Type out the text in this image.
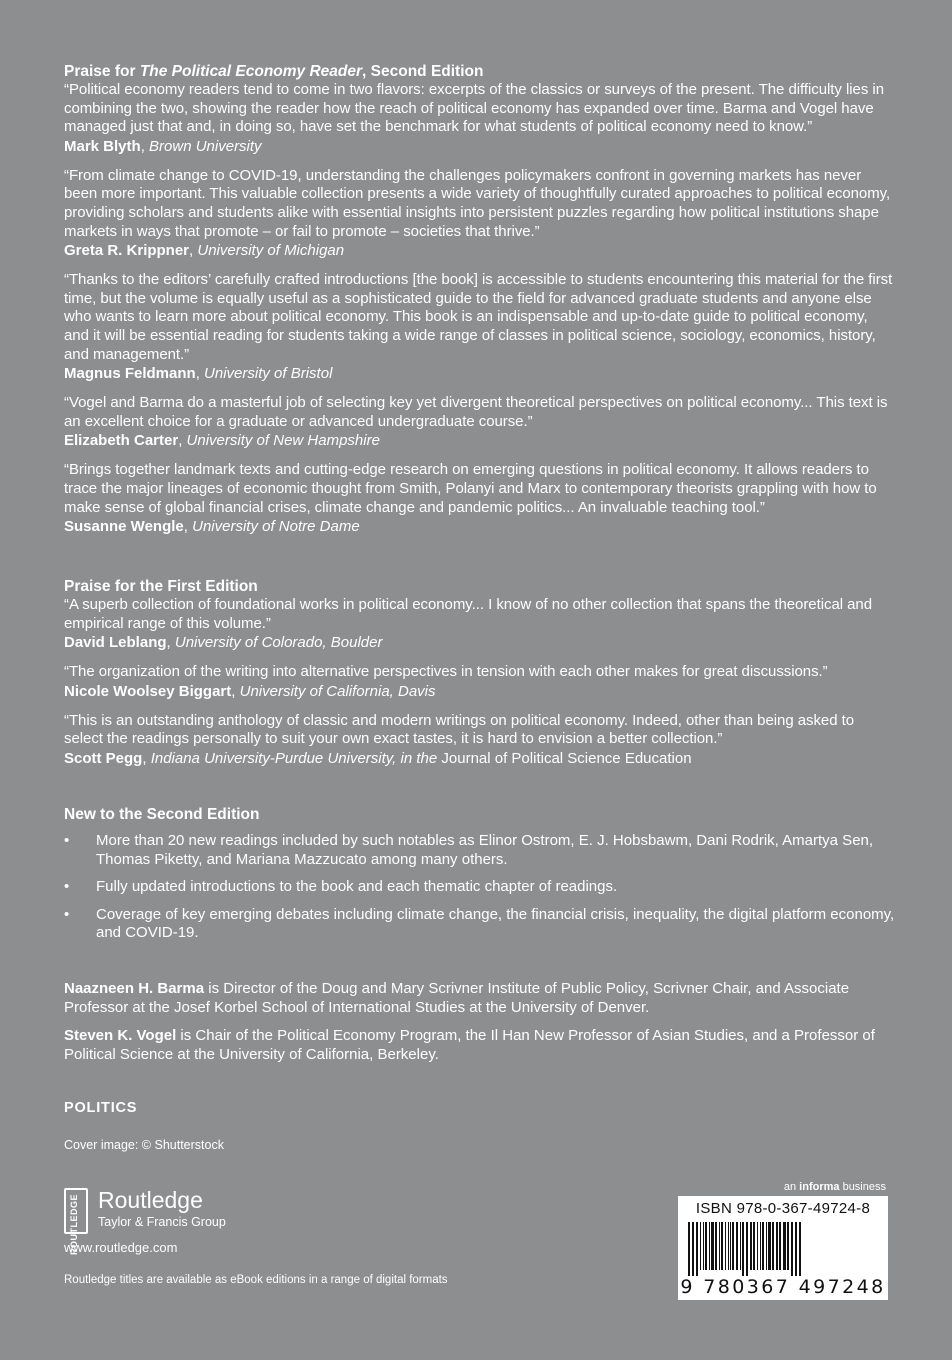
Praise for The Political Economy Reader, Second Edition

“Political economy readers tend to come in two flavors: excerpts of the classics or surveys of the present. The difficulty lies in combining the two, showing the reader how the reach of political economy has expanded over time. Barma and Vogel have managed just that and, in doing so, have set the benchmark for what students of political economy need to know.”

Mark Blyth, Brown University

“From climate change to COVID-19, understanding the challenges policymakers confront in governing markets has never been more important. This valuable collection presents a wide variety of thoughtfully curated approaches to political economy, providing scholars and students alike with essential insights into persistent puzzles regarding how political institutions shape markets in ways that promote – or fail to promote – societies that thrive.”

Greta R. Krippner, University of Michigan

“Thanks to the editors’ carefully crafted introductions [the book] is accessible to students encountering this material for the first time, but the volume is equally useful as a sophisticated guide to the field for advanced graduate students and anyone else who wants to learn more about political economy. This book is an indispensable and up-to-date guide to political economy, and it will be essential reading for students taking a wide range of classes in political science, sociology, economics, history, and management.”

Magnus Feldmann, University of Bristol

“Vogel and Barma do a masterful job of selecting key yet divergent theoretical perspectives on political economy... This text is an excellent choice for a graduate or advanced undergraduate course.”

Elizabeth Carter, University of New Hampshire

“Brings together landmark texts and cutting-edge research on emerging questions in political economy. It allows readers to trace the major lineages of economic thought from Smith, Polanyi and Marx to contemporary theorists grappling with how to make sense of global financial crises, climate change and pandemic politics... An invaluable teaching tool.”

Susanne Wengle, University of Notre Dame

Praise for the First Edition

“A superb collection of foundational works in political economy... I know of no other collection that spans the theoretical and empirical range of this volume.”

David Leblang, University of Colorado, Boulder

“The organization of the writing into alternative perspectives in tension with each other makes for great discussions.”

Nicole Woolsey Biggart, University of California, Davis

“This is an outstanding anthology of classic and modern writings on political economy. Indeed, other than being asked to select the readings personally to suit your own exact tastes, it is hard to envision a better collection.”

Scott Pegg, Indiana University-Purdue University, in the Journal of Political Science Education

New to the Second Edition

• More than 20 new readings included by such notables as Elinor Ostrom, E. J. Hobsbawm, Dani Rodrik, Amartya Sen, Thomas Piketty, and Mariana Mazzucato among many others.
• Fully updated introductions to the book and each thematic chapter of readings.
• Coverage of key emerging debates including climate change, the financial crisis, inequality, the digital platform economy, and COVID-19.

Naazneen H. Barma is Director of the Doug and Mary Scrivner Institute of Public Policy, Scrivner Chair, and Associate Professor at the Josef Korbel School of International Studies at the University of Denver.

Steven K. Vogel is Chair of the Political Economy Program, the Il Han New Professor of Asian Studies, and a Professor of Political Science at the University of California, Berkeley.

POLITICS

Cover image: © Shutterstock

ROUTLEDGE Routledge
Taylor & Francis Group
www.routledge.com
Routledge titles are available as eBook editions in a range of digital formats
an informa business
ISBN 978-0-367-49724-8
9 780367 497248
